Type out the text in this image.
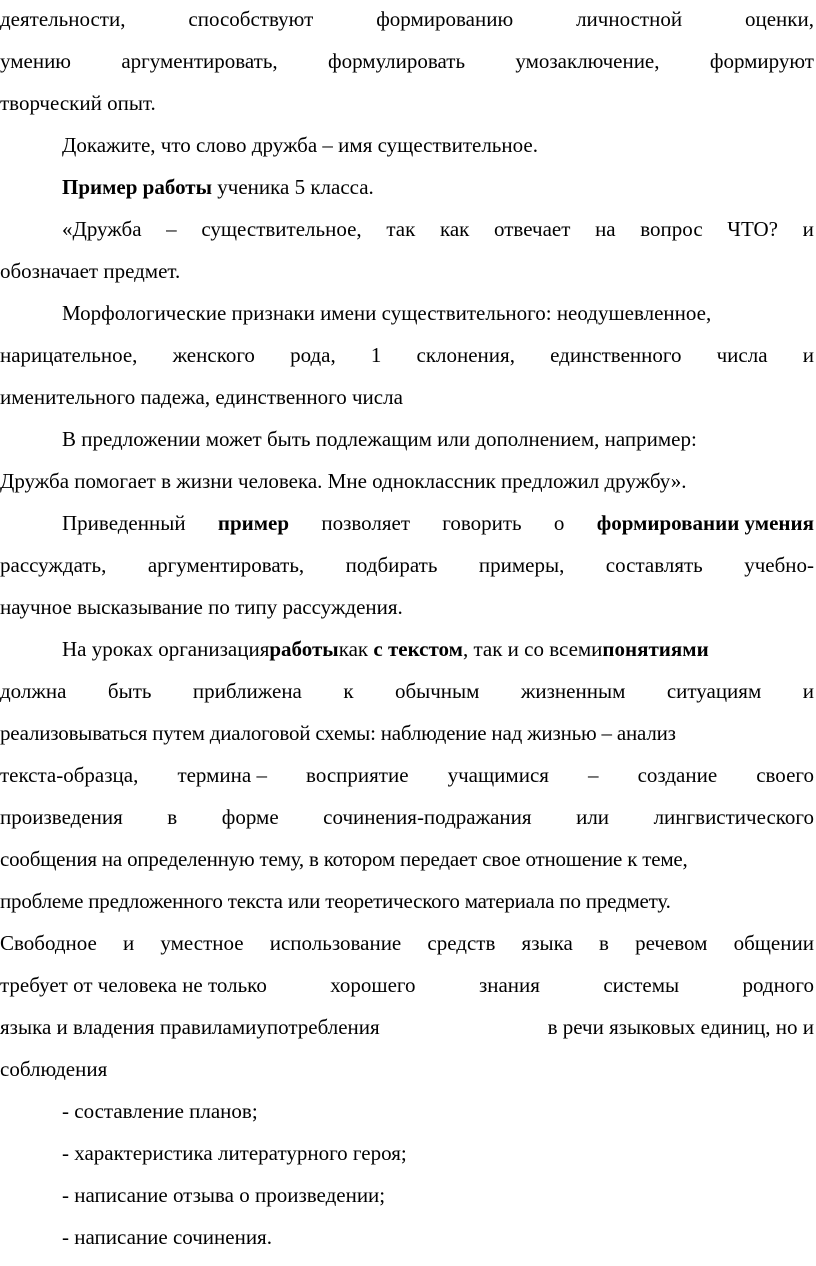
деятельности,	способствуют	формированию	личностной	оценки,
умению аргументировать, формулировать умозаключение, формируют
творческий опыт.
Докажите, что слово дружба – имя существительное.
Пример работы ученика 5 класса.
«Дружба – существительное, так как отвечает на вопрос ЧТО? и
обозначает предмет.
Морфологические признаки имени существительного: неодушевленное,
нарицательное, женского рода, 1 склонения, единственного числа и
именительного падежа, единственного числа
В предложении может быть подлежащим или дополнением, например:
Дружба помогает в жизни человека. Мне одноклассник предложил дружбу».
Приведенный пример позволяет говорить о формировании умения
рассуждать, аргументировать, подбирать примеры, составлять учебно-
научное высказывание по типу рассуждения.
На уроках организацияработыкак с текстом, так и со всемипонятиями
должна быть приближена к обычным жизненным ситуациям и
реализовываться путем диалоговой схемы: наблюдение над жизнью – анализ
текста-образца, термина – восприятие учащимися – создание своего
произведения в форме сочинения-подражания или лингвистического
сообщения на определенную тему, в котором передает свое отношение к теме,
проблеме предложенного текста или теоретического материала по предмету.
Свободное и уместное использование средств языка в речевом общении
требует от человека не только	хорошего	знания	системы	родного
языка и владения правиламиупотребления	в речи языковых единиц, но и
соблюдения
- составление планов;
- характеристика литературного героя;
- написание отзыва о произведении;
- написание сочинения.
